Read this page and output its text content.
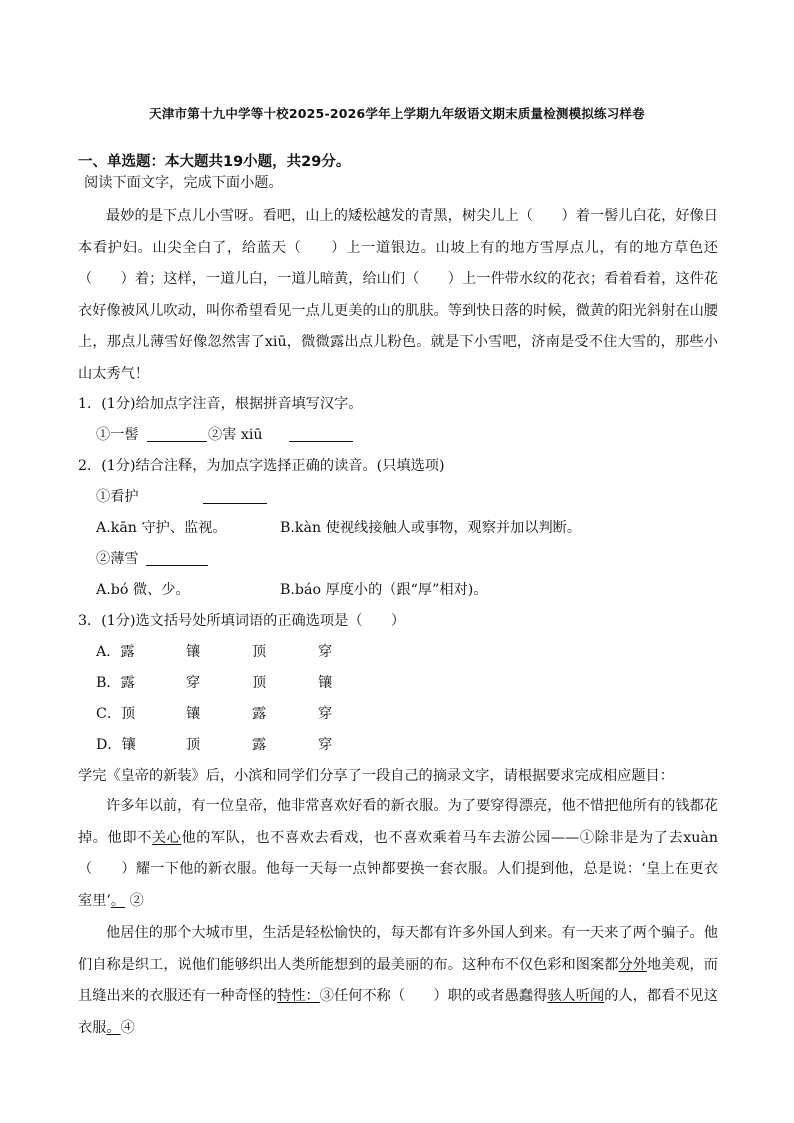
天津市第十九中学等十校2025-2026学年上学期九年级语文期末质量检测模拟练习样卷
一、单选题：本大题共19小题，共29分。
阅读下面文字，完成下面小题。
最妙的是下点儿小雪呀。看吧，山上的矮松越发的青黑，树尖儿上（　　）着一髻儿白花，好像日本看护妇。山尖全白了，给蓝天（　　）上一道银边。山坡上有的地方雪厚点儿，有的地方草色还（　　）着；这样，一道儿白，一道儿暗黄，给山们（　　）上一件带水纹的花衣；看着看着，这件花衣好像被风儿吹动，叫你希望看见一点儿更美的山的肌肤。等到快日落的时候，微黄的阳光斜射在山腰上，那点儿薄雪好像忽然害了xiū，微微露出点儿粉色。就是下小雪吧，济南是受不住大雪的，那些小山太秀气！
1．(1分)给加点字注音，根据拼音填写汉字。
①一髻	②害 xiū
2．(1分)结合注释，为加点字选择正确的读音。(只填选项)
①看护
A.kān 守护、监视。	B.kàn 使视线接触人或事物，观察并加以判断。
②薄雪
A.bó 微、少。	B.báo 厚度小的（跟“厚”相对)。
3．(1分)选文括号处所填词语的正确选项是（　　）
A．露	镶	顶	穿
B．露	穿	顶	镶
C．顶	镶	露	穿
D．镶	顶	露	穿
学完《皇帝的新装》后，小滨和同学们分享了一段自己的摘录文字，请根据要求完成相应题目：
许多年以前，有一位皇帝，他非常喜欢好看的新衣服。为了要穿得漂亮，他不惜把他所有的钱都花掉。他即不关心他的军队，也不喜欢去看戏，也不喜欢乘着马车去游公园——①除非是为了去xuàn（　　）耀一下他的新衣服。他每一天每一点钟都要换一套衣服。人们提到他，总是说：‘皇上在更衣室里’。 ②
他居住的那个大城市里，生活是轻松愉快的，每天都有许多外国人到来。有一天来了两个骗子。他们自称是织工，说他们能够织出人类所能想到的最美丽的布。这种布不仅色彩和图案都分外地美观，而且缝出来的衣服还有一种奇怪的特性：③任何不称（　　）职的或者愚蠢得骇人听闻的人，都看不见这衣服。④
